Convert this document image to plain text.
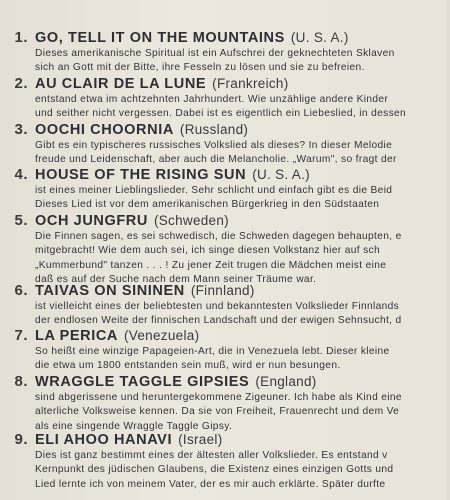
1. GO, TELL IT ON THE MOUNTAINS (U. S. A.)
Dieses amerikanische Spiritual ist ein Aufschrei der geknechteten Sklaven
sich an Gott mit der Bitte, ihre Fesseln zu lösen und sie zu befreien.
2. AU CLAIR DE LA LUNE (Frankreich)
entstand etwa im achtzehnten Jahrhundert. Wie unzählige andere Kinder
und seither nicht vergessen. Dabei ist es eigentlich ein Liebeslied, in dessen
3. OOCHI CHOORNIA (Russland)
Gibt es ein typischeres russisches Volkslied als dieses? In dieser Melodie
freude und Leidenschaft, aber auch die Melancholie. „Warum", so fragt der
4. HOUSE OF THE RISING SUN (U. S. A.)
ist eines meiner Lieblingslieder. Sehr schlicht und einfach gibt es die Beid
Dieses Lied ist vor dem amerikanischen Bürgerkrieg in den Südstaaten
5. OCH JUNGFRU (Schweden)
Die Finnen sagen, es sei schwedisch, die Schweden dagegen behaupten, e
mitgebracht! Wie dem auch sei, ich singe diesen Volkstanz hier auf sch
„Kummerbund" tanzen . . . ! Zu jener Zeit trugen die Mädchen meist eine
daß es auf der Suche nach dem Mann seiner Träume war.
6. TAIVAS ON SININEN (Finnland)
ist vielleicht eines der beliebtesten und bekanntesten Volkslieder Finnlands
der endlosen Weite der finnischen Landschaft und der ewigen Sehnsucht, d
7. LA PERICA (Venezuela)
So heißt eine winzige Papageien-Art, die in Venezuela lebt. Dieser kleine
die etwa um 1800 entstanden sein muß, wird er nun besungen.
8. WRAGGLE TAGGLE GIPSIES (England)
sind abgerissene und heruntergekommene Zigeuner. Ich habe als Kind eine
alterliche Volksweise kennen. Da sie von Freiheit, Frauenrecht und dem Ve
als eine singende Wraggle Taggle Gipsy.
9. ELI AHOO HANAVI (Israel)
Dies ist ganz bestimmt eines der ältesten aller Volkslieder. Es entstand v
Kernpunkt des jüdischen Glaubens, die Existenz eines einzigen Gotts und
Lied lernte ich von meinem Vater, der es mir auch erklärte. Später durfte
